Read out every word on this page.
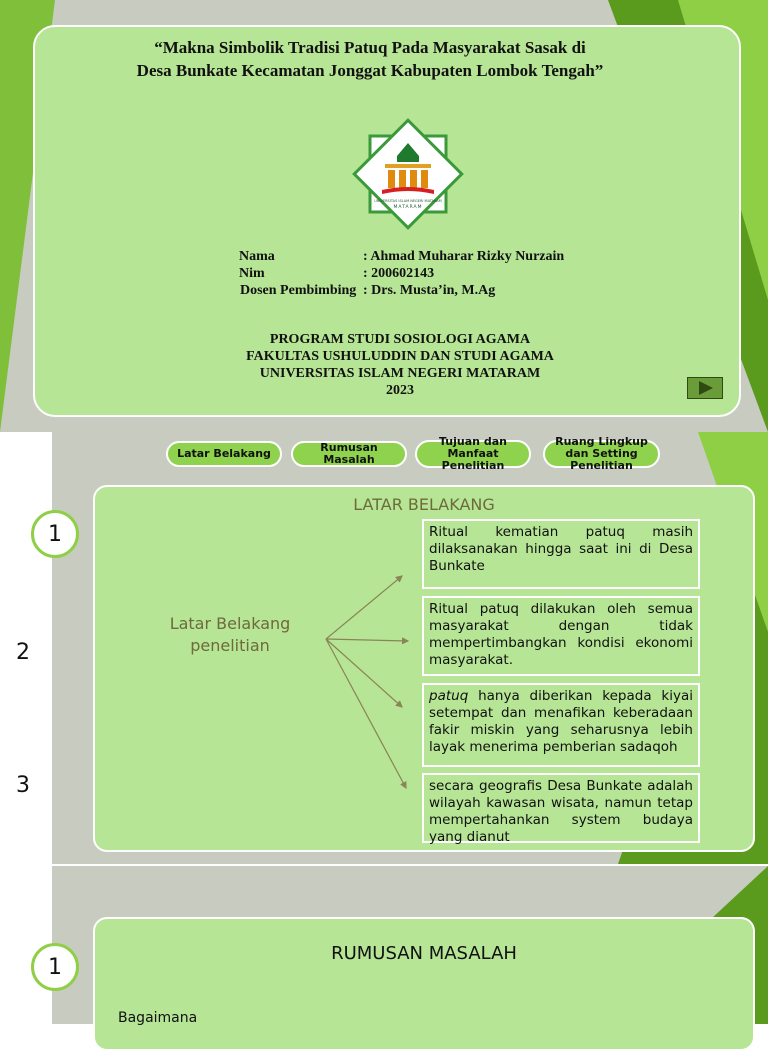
“Makna Simbolik Tradisi Patuq Pada Masyarakat Sasak di
Desa Bunkate Kecamatan Jonggat Kabupaten Lombok Tengah”
UNIVERSITAS ISLAM NEGERI MATARAM
MATARAM
Nama	: Ahmad Muharar Rizky Nurzain
Nim	: 200602143
Dosen Pembimbing : Drs. Musta’in, M.Ag
PROGRAM STUDI SOSIOLOGI AGAMA
FAKULTAS USHULUDDIN DAN STUDI AGAMA
UNIVERSITAS ISLAM NEGERI MATARAM
2023
Latar Belakang	Rumusan Masalah
Tujuan dan Manfaat Penelitian
Ruang Lingkup dan Setting Penelitian
LATAR BELAKANG
Latar Belakang penelitian
Ritual kematian patuq masih dilaksanakan hingga saat ini di Desa Bunkate
Ritual patuq dilakukan oleh semua masyarakat dengan tidak mempertimbangkan kondisi ekonomi masyarakat.
patuq hanya diberikan kepada kiyai setempat dan menafikan keberadaan fakir miskin yang seharusnya lebih layak menerima pemberian sadaqoh
secara geografis Desa Bunkate adalah wilayah kawasan wisata, namun tetap mempertahankan system budaya yang dianut
1
2
3
RUMUSAN MASALAH
Bagaimana
1
